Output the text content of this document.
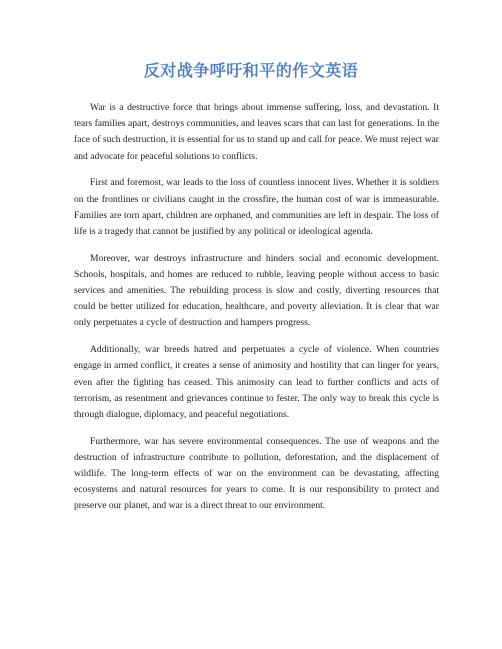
反对战争呼吁和平的作文英语

War is a destructive force that brings about immense suffering, loss, and devastation. It tears families apart, destroys communities, and leaves scars that can last for generations. In the face of such destruction, it is essential for us to stand up and call for peace. We must reject war and advocate for peaceful solutions to conflicts.

First and foremost, war leads to the loss of countless innocent lives. Whether it is soldiers on the frontlines or civilians caught in the crossfire, the human cost of war is immeasurable. Families are torn apart, children are orphaned, and communities are left in despair. The loss of life is a tragedy that cannot be justified by any political or ideological agenda.

Moreover, war destroys infrastructure and hinders social and economic development. Schools, hospitals, and homes are reduced to rubble, leaving people without access to basic services and amenities. The rebuilding process is slow and costly, diverting resources that could be better utilized for education, healthcare, and poverty alleviation. It is clear that war only perpetuates a cycle of destruction and hampers progress.

Additionally, war breeds hatred and perpetuates a cycle of violence. When countries engage in armed conflict, it creates a sense of animosity and hostility that can linger for years, even after the fighting has ceased. This animosity can lead to further conflicts and acts of terrorism, as resentment and grievances continue to fester. The only way to break this cycle is through dialogue, diplomacy, and peaceful negotiations.

Furthermore, war has severe environmental consequences. The use of weapons and the destruction of infrastructure contribute to pollution, deforestation, and the displacement of wildlife. The long-term effects of war on the environment can be devastating, affecting ecosystems and natural resources for years to come. It is our responsibility to protect and preserve our planet, and war is a direct threat to our environment.
